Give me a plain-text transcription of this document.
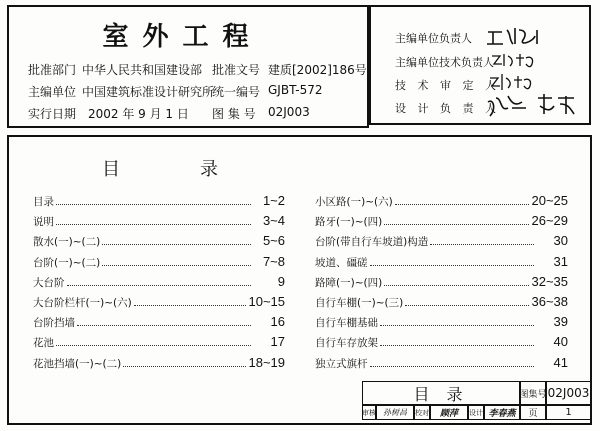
室外工程
批准部门 中华人民共和国建设部 批准文号 建质[2002]186号
主编单位 中国建筑标准设计研究所
统一编号 GJBT-572
实行日期 2002 年 9 月 1 日 图 集 号 02J003
主编单位负责人
主编单位技术负责人
技 术 审 定 人
设 计 负 责 人
目	录
目录	1~2
说明	3~4
散水(一)~(二)	5~6
台阶(一)~(二)	7~8
大台阶	9
大台阶栏杆(一)~(六)	10~15
台阶挡墙	16
花池	17
花池挡墙(一)~(二)	18~19
小区路(一)~(六)	20~25
路牙(一)~(四)	26~29
台阶(带自行车坡道)构造	30
坡道、礓磋	31
路障(一)~(四)	32~35
自行车棚(一)~(三)	36~38
自行车棚基础	39
自行车存放架	40
独立式旗杆	41
目 录	图集号 02J003
审核 孙树昌	校对	顾萍	设计 李春燕	页	1
